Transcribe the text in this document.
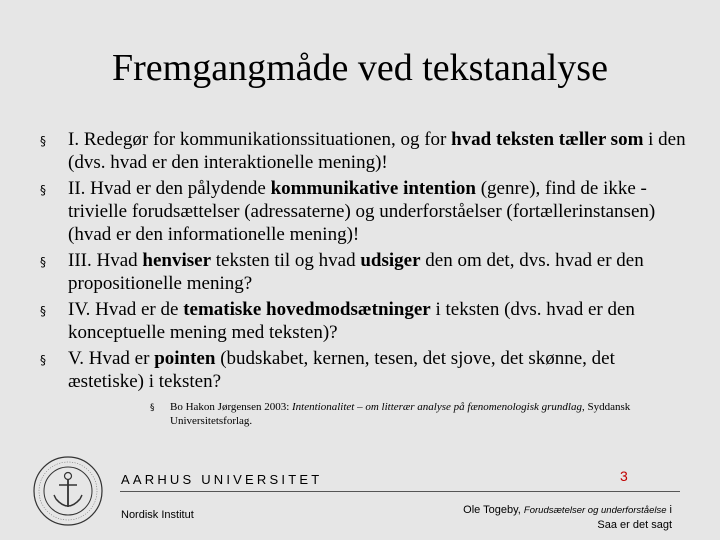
Fremgangmåde ved tekstanalyse
§ I. Redegør for kommunikationssituationen, og for hvad teksten tæller som i den (dvs. hvad er den interaktionelle mening)!
§ II. Hvad er den pålydende kommunikative intention (genre), find de ikke -trivielle forudsættelser (adressaterne) og underforståelser (fortællerinstansen) (hvad er den informationelle mening)!
§ III. Hvad henviser teksten til og hvad udsiger den om det, dvs. hvad er den propositionelle mening?
§ IV. Hvad er de tematiske hovedmodsætninger i teksten (dvs. hvad er den konceptuelle mening med teksten)?
§ V. Hvad er pointen (budskabet, kernen, tesen, det sjove, det skønne, det æstetiske) i teksten?
§	Bo Hakon Jørgensen 2003: Intentionalitet – om litterær analyse på fænomenologisk grundlag, Syddansk Universitetsforlag.
AARHUS UNIVERSITET
Nordisk Institut
3
Ole Togeby, Forudsætelser og underforståelse i
Saa er det sagt
